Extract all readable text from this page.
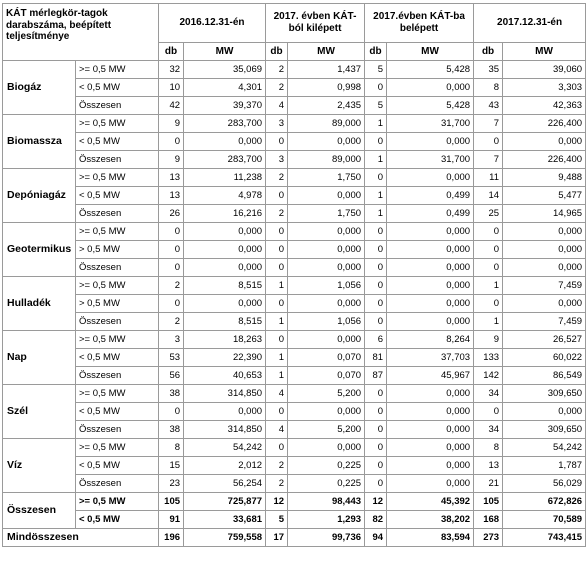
KÁT mérlegkör-tagok darabszáma, beépített teljesítménye		2016.12.31-én		2017. évben KÁT-ból kilépett		2017.évben KÁT-ba belépett		2017.12.31-én	
		db	MW	db	MW	db	MW	db	MW
Biogáz	>= 0,5 MW	32	35,069	2	1,437	5	5,428	35	39,060
	< 0,5 MW	10	4,301	2	0,998	0	0,000	8	3,303
	Összesen	42	39,370	4	2,435	5	5,428	43	42,363
Biomassza	>= 0,5 MW	9	283,700	3	89,000	1	31,700	7	226,400
	< 0,5 MW	0	0,000	0	0,000	0	0,000	0	0,000
	Összesen	9	283,700	3	89,000	1	31,700	7	226,400
Depóniagáz	>= 0,5 MW	13	11,238	2	1,750	0	0,000	11	9,488
	< 0,5 MW	13	4,978	0	0,000	1	0,499	14	5,477
	Összesen	26	16,216	2	1,750	1	0,499	25	14,965
Geotermikus	>= 0,5 MW	0	0,000	0	0,000	0	0,000	0	0,000
	> 0,5 MW	0	0,000	0	0,000	0	0,000	0	0,000
	Összesen	0	0,000	0	0,000	0	0,000	0	0,000
Hulladék	>= 0,5 MW	2	8,515	1	1,056	0	0,000	1	7,459
	> 0,5 MW	0	0,000	0	0,000	0	0,000	0	0,000
	Összesen	2	8,515	1	1,056	0	0,000	1	7,459
Nap	>= 0,5 MW	3	18,263	0	0,000	6	8,264	9	26,527
	< 0,5 MW	53	22,390	1	0,070	81	37,703	133	60,022
	Összesen	56	40,653	1	0,070	87	45,967	142	86,549
Szél	>= 0,5 MW	38	314,850	4	5,200	0	0,000	34	309,650
	< 0,5 MW	0	0,000	0	0,000	0	0,000	0	0,000
	Összesen	38	314,850	4	5,200	0	0,000	34	309,650
Víz	>= 0,5 MW	8	54,242	0	0,000	0	0,000	8	54,242
	< 0,5 MW	15	2,012	2	0,225	0	0,000	13	1,787
	Összesen	23	56,254	2	0,225	0	0,000	21	56,029
Összesen	>= 0,5 MW	105	725,877	12	98,443	12	45,392	105	672,826
	< 0,5 MW	91	33,681	5	1,293	82	38,202	168	70,589
Mindösszesen		196	759,558	17	99,736	94	83,594	273	743,415
